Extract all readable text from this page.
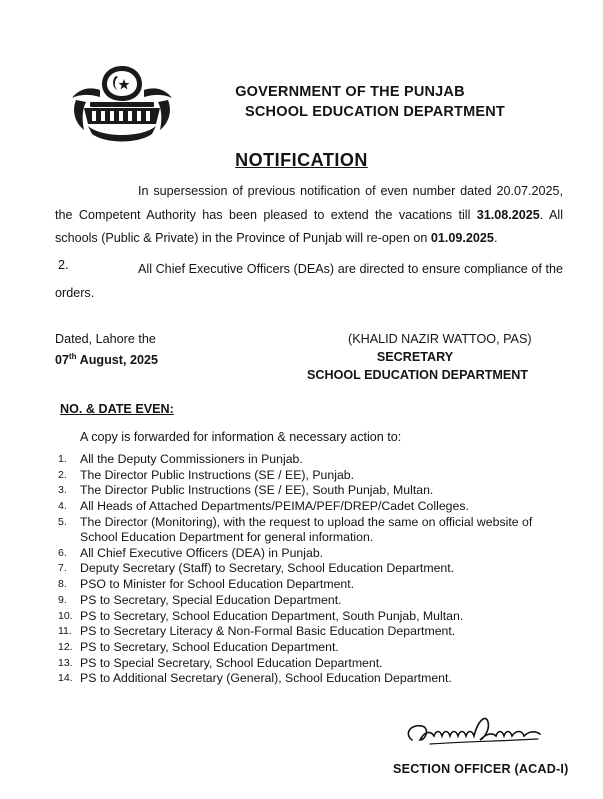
GOVERNMENT OF THE PUNJAB
SCHOOL EDUCATION DEPARTMENT
NOTIFICATION
In supersession of previous notification of even number dated 20.07.2025, the Competent Authority has been pleased to extend the vacations till 31.08.2025. All schools (Public & Private) in the Province of Punjab will re-open on 01.09.2025.
2.	All Chief Executive Officers (DEAs) are directed to ensure compliance of the orders.
Dated, Lahore the
07th August, 2025
(KHALID NAZIR WATTOO, PAS)
SECRETARY
SCHOOL EDUCATION DEPARTMENT
NO. & DATE EVEN:
A copy is forwarded for information & necessary action to:
1. All the Deputy Commissioners in Punjab.
2. The Director Public Instructions (SE / EE), Punjab.
3. The Director Public Instructions (SE / EE), South Punjab, Multan.
4. All Heads of Attached Departments/PEIMA/PEF/DREP/Cadet Colleges.
5. The Director (Monitoring), with the request to upload the same on official website of School Education Department for general information.
6. All Chief Executive Officers (DEA) in Punjab.
7. Deputy Secretary (Staff) to Secretary, School Education Department.
8. PSO to Minister for School Education Department.
9. PS to Secretary, Special Education Department.
10. PS to Secretary, School Education Department, South Punjab, Multan.
11. PS to Secretary Literacy & Non-Formal Basic Education Department.
12. PS to Secretary, School Education Department.
13. PS to Special Secretary, School Education Department.
14. PS to Additional Secretary (General), School Education Department.
SECTION OFFICER (ACAD-I)
